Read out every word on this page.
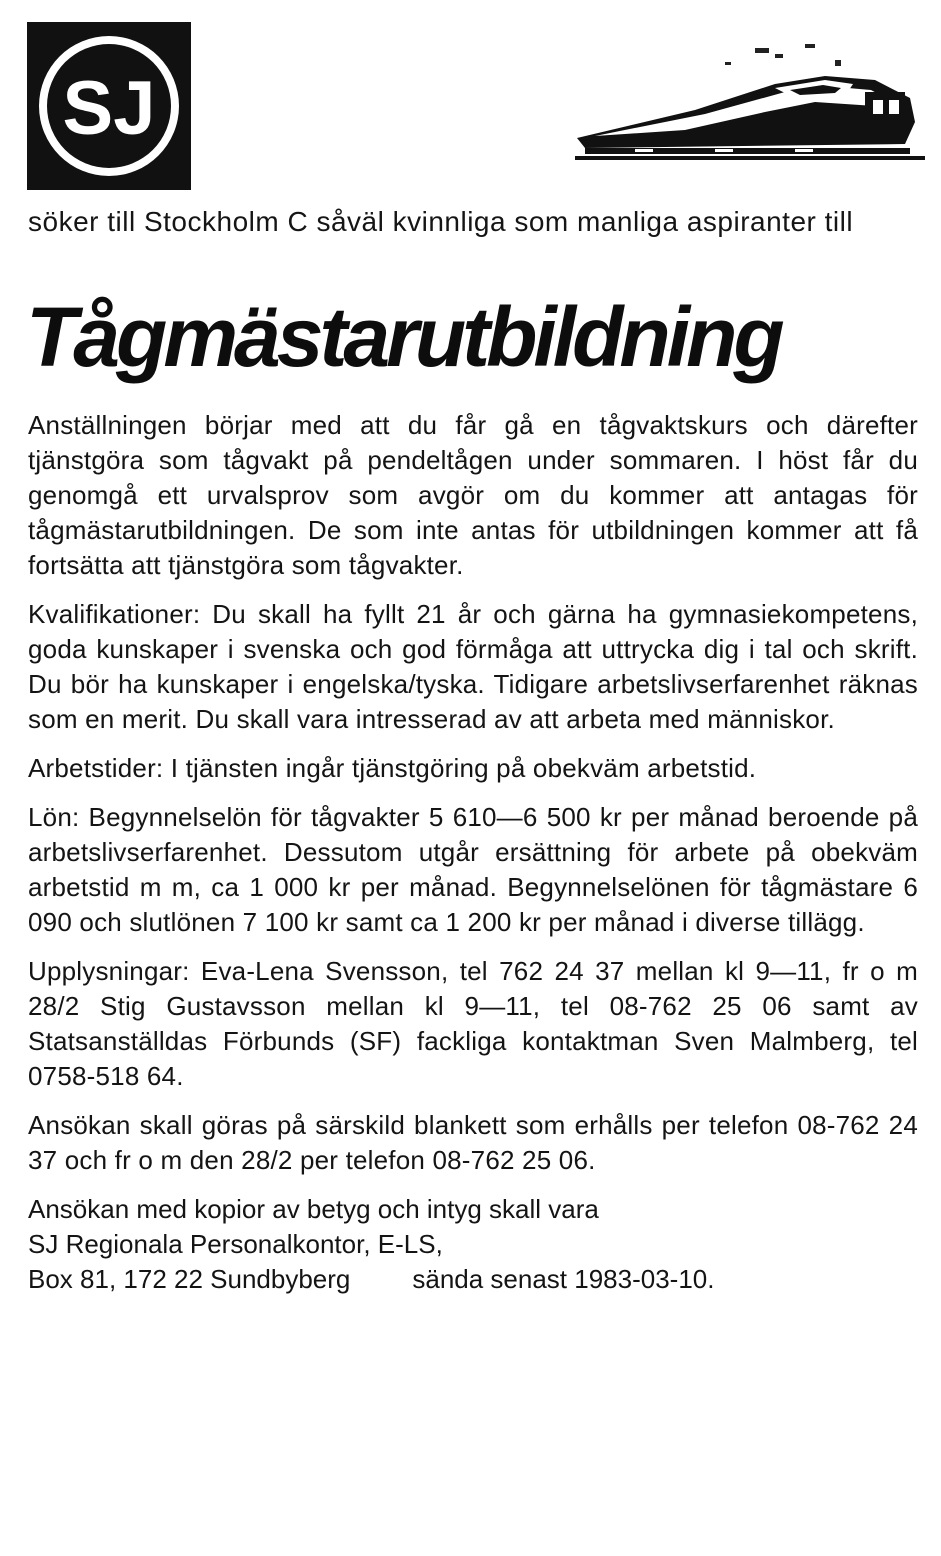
SJ
söker till Stockholm C såväl kvinnliga som manliga aspiranter till
Tågmästarutbildning

Anställningen börjar med att du får gå en tågvaktskurs och därefter tjänstgöra som tågvakt på pendeltågen under sommaren. I höst får du genomgå ett urvalsprov som avgör om du kommer att antagas för tågmästarutbildningen. De som inte antas för utbildningen kommer att få fortsätta att tjänstgöra som tågvakter.

Kvalifikationer: Du skall ha fyllt 21 år och gärna ha gymnasiekompetens, goda kunskaper i svenska och god förmåga att uttrycka dig i tal och skrift. Du bör ha kunskaper i engelska/tyska. Tidigare arbetslivserfarenhet räknas som en merit. Du skall vara intresserad av att arbeta med människor.

Arbetstider: I tjänsten ingår tjänstgöring på obekväm arbetstid.

Lön: Begynnelselön för tågvakter 5 610—6 500 kr per månad beroende på arbetslivserfarenhet. Dessutom utgår ersättning för arbete på obekväm arbetstid m m, ca 1 000 kr per månad. Begynnelselönen för tågmästare 6 090 och slutlönen 7 100 kr samt ca 1 200 kr per månad i diverse tillägg.

Upplysningar: Eva-Lena Svensson, tel 762 24 37 mellan kl 9—11, fr o m 28/2 Stig Gustavsson mellan kl 9—11, tel 08-762 25 06 samt av Statsanställdas Förbunds (SF) fackliga kontaktman Sven Malmberg, tel 0758-518 64.

Ansökan skall göras på särskild blankett som erhålls per telefon 08-762 24 37 och fr o m den 28/2 per telefon 08-762 25 06.

Ansökan med kopior av betyg och intyg skall vara
SJ Regionala Personalkontor, E-LS,
Box 81, 172 22 Sundbyberg sända senast 1983-03-10.
